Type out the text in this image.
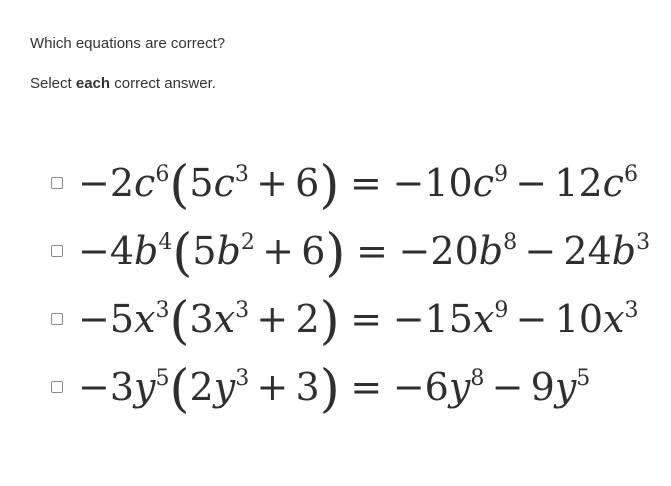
Which equations are correct?
Select each correct answer.
$-2c^6(5c^3 + 6) = -10c^9 - 12c^6$
$-4b^4(5b^2 + 6) = -20b^8 - 24b^3$
$-5x^3(3x^3 + 2) = -15x^9 - 10x^3$
$-3y^5(2y^3 + 3) = -6y^8 - 9y^5$
